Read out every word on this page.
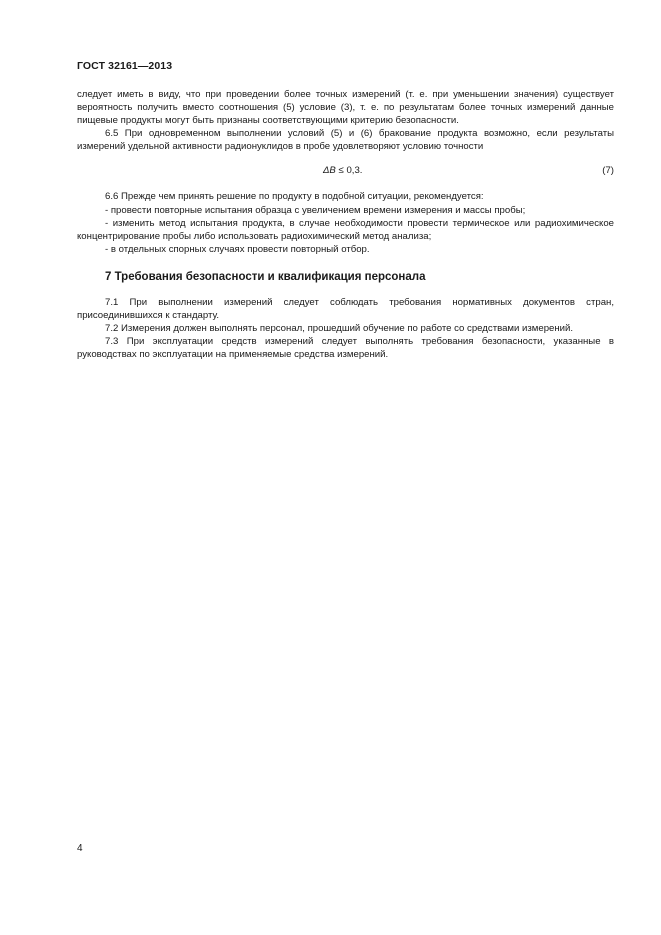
ГОСТ 32161—2013

следует иметь в виду, что при проведении более точных измерений (т. е. при уменьшении значения) существует вероятность получить вместо соотношения (5) условие (3), т. е. по результатам более точных измерений данные пищевые продукты могут быть признаны соответствующими критерию безопасности.

6.5 При одновременном выполнении условий (5) и (6) бракование продукта возможно, если результаты измерений удельной активности радионуклидов в пробе удовлетворяют условию точности

ΔB ≤ 0,3.	(7)

6.6 Прежде чем принять решение по продукту в подобной ситуации, рекомендуется:

- провести повторные испытания образца с увеличением времени измерения и массы пробы;

- изменить метод испытания продукта, в случае необходимости провести термическое или радиохимическое концентрирование пробы либо использовать радиохимический метод анализа;

- в отдельных спорных случаях провести повторный отбор.

7 Требования безопасности и квалификация персонала

7.1 При выполнении измерений следует соблюдать требования нормативных документов стран, присоединившихся к стандарту.

7.2 Измерения должен выполнять персонал, прошедший обучение по работе со средствами измерений.

7.3 При эксплуатации средств измерений следует выполнять требования безопасности, указанные в руководствах по эксплуатации на применяемые средства измерений.

4
